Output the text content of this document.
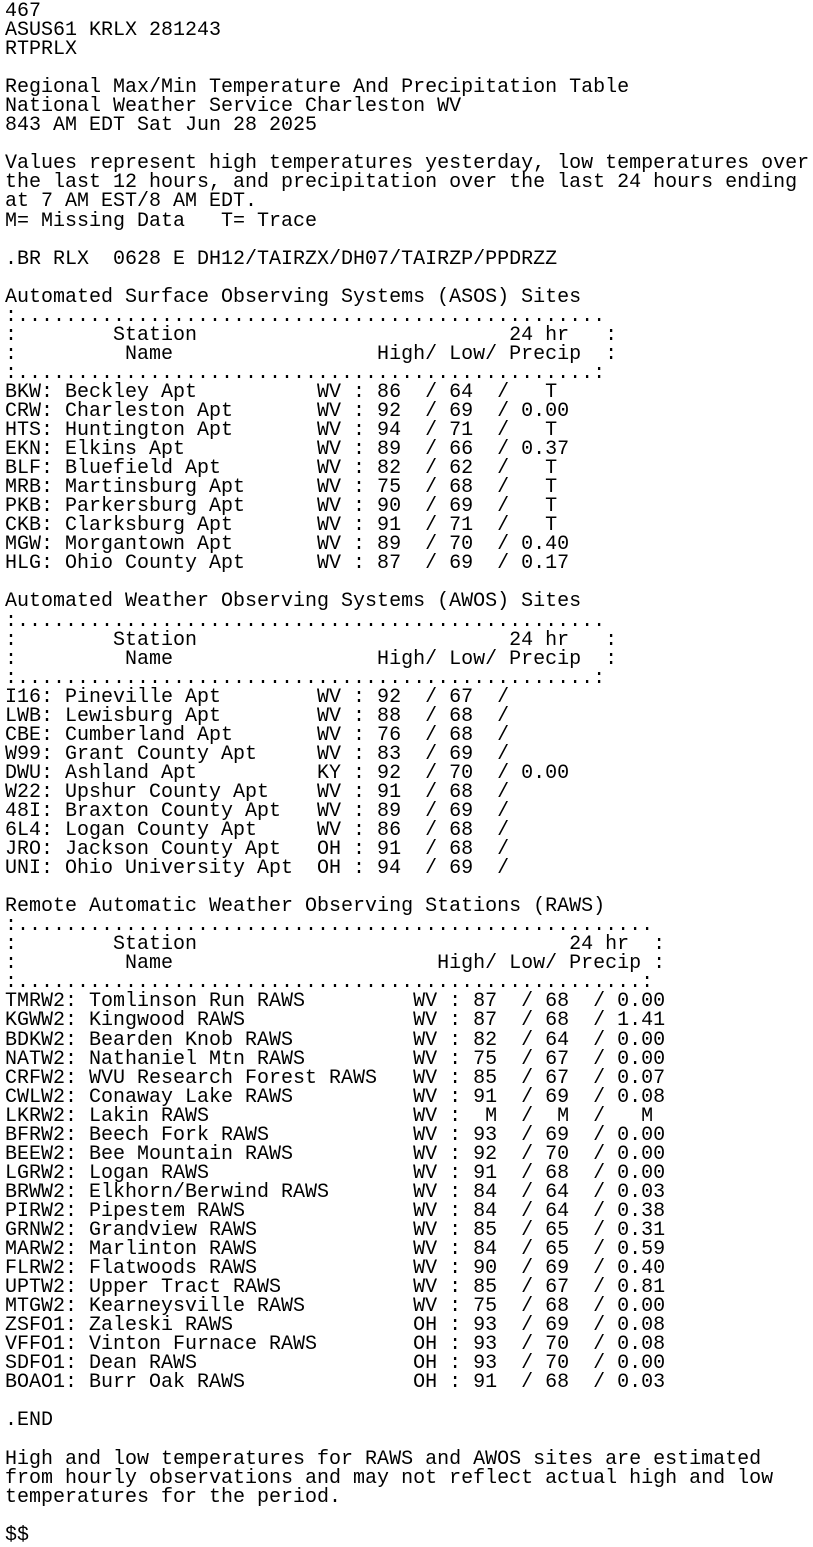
467
ASUS61 KRLX 281243
RTPRLX
Regional Max/Min Temperature And Precipitation Table
National Weather Service Charleston WV
843 AM EDT Sat Jun 28 2025
Values represent high temperatures yesterday, low temperatures over
the last 12 hours, and precipitation over the last 24 hours ending
at 7 AM EST/8 AM EDT.
M= Missing Data   T= Trace
.BR RLX  0628 E DH12/TAIRZX/DH07/TAIRZP/PPDRZZ
Automated Surface Observing Systems (ASOS) Sites
:.................................................
:        Station                          24 hr   :
:         Name                 High/ Low/ Precip  :
:................................................:
BKW: Beckley Apt          WV : 86  / 64  /   T
CRW: Charleston Apt       WV : 92  / 69  / 0.00
HTS: Huntington Apt       WV : 94  / 71  /   T
EKN: Elkins Apt           WV : 89  / 66  / 0.37
BLF: Bluefield Apt        WV : 82  / 62  /   T
MRB: Martinsburg Apt      WV : 75  / 68  /   T
PKB: Parkersburg Apt      WV : 90  / 69  /   T
CKB: Clarksburg Apt       WV : 91  / 71  /   T
MGW: Morgantown Apt       WV : 89  / 70  / 0.40
HLG: Ohio County Apt      WV : 87  / 69  / 0.17
Automated Weather Observing Systems (AWOS) Sites
:.................................................
:        Station                          24 hr   :
:         Name                 High/ Low/ Precip  :
:................................................:
I16: Pineville Apt        WV : 92  / 67  /
LWB: Lewisburg Apt        WV : 88  / 68  /
CBE: Cumberland Apt       WV : 76  / 68  /
W99: Grant County Apt     WV : 83  / 69  /
DWU: Ashland Apt          KY : 92  / 70  / 0.00
W22: Upshur County Apt    WV : 91  / 68  /
48I: Braxton County Apt   WV : 89  / 69  /
6L4: Logan County Apt     WV : 86  / 68  /
JRO: Jackson County Apt   OH : 91  / 68  /
UNI: Ohio University Apt  OH : 94  / 69  /
Remote Automatic Weather Observing Stations (RAWS)
:.....................................................
:        Station                               24 hr  :
:         Name                      High/ Low/ Precip :
:....................................................:
TMRW2: Tomlinson Run RAWS         WV : 87  / 68  / 0.00
KGWW2: Kingwood RAWS              WV : 87  / 68  / 1.41
BDKW2: Bearden Knob RAWS          WV : 82  / 64  / 0.00
NATW2: Nathaniel Mtn RAWS         WV : 75  / 67  / 0.00
CRFW2: WVU Research Forest RAWS   WV : 85  / 67  / 0.07
CWLW2: Conaway Lake RAWS          WV : 91  / 69  / 0.08
LKRW2: Lakin RAWS                 WV :  M  /  M  /   M
BFRW2: Beech Fork RAWS            WV : 93  / 69  / 0.00
BEEW2: Bee Mountain RAWS          WV : 92  / 70  / 0.00
LGRW2: Logan RAWS                 WV : 91  / 68  / 0.00
BRWW2: Elkhorn/Berwind RAWS       WV : 84  / 64  / 0.03
PIRW2: Pipestem RAWS              WV : 84  / 64  / 0.38
GRNW2: Grandview RAWS             WV : 85  / 65  / 0.31
MARW2: Marlinton RAWS             WV : 84  / 65  / 0.59
FLRW2: Flatwoods RAWS             WV : 90  / 69  / 0.40
UPTW2: Upper Tract RAWS           WV : 85  / 67  / 0.81
MTGW2: Kearneysville RAWS         WV : 75  / 68  / 0.00
ZSFO1: Zaleski RAWS               OH : 93  / 69  / 0.08
VFFO1: Vinton Furnace RAWS        OH : 93  / 70  / 0.08
SDFO1: Dean RAWS                  OH : 93  / 70  / 0.00
BOAO1: Burr Oak RAWS              OH : 91  / 68  / 0.03
.END
High and low temperatures for RAWS and AWOS sites are estimated
from hourly observations and may not reflect actual high and low
temperatures for the period.
$$
